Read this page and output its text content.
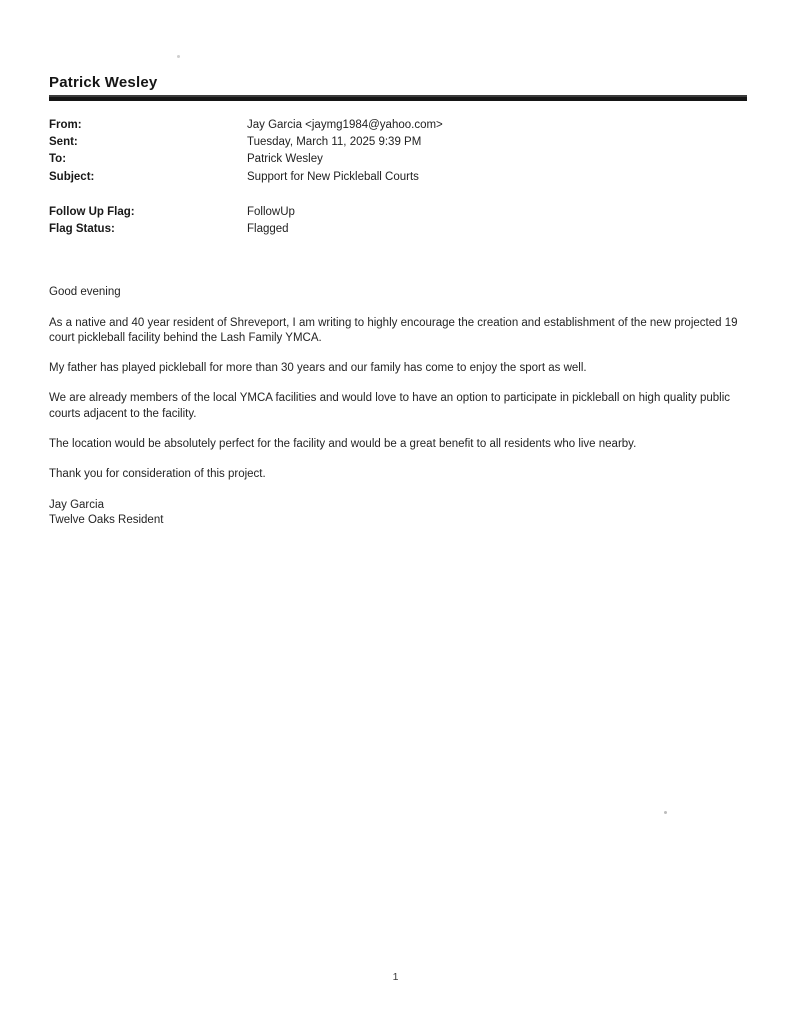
Patrick Wesley
From:	Jay Garcia <jaymg1984@yahoo.com>
Sent:	Tuesday, March 11, 2025 9:39 PM
To:	Patrick Wesley
Subject:	Support for New Pickleball Courts
Follow Up Flag:	FollowUp
Flag Status:	Flagged

Good evening

As a native and 40 year resident of Shreveport, I am writing to highly encourage the creation and establishment of the new projected 19 court pickleball facility behind the Lash Family YMCA.

My father has played pickleball for more than 30 years and our family has come to enjoy the sport as well.

We are already members of the local YMCA facilities and would love to have an option to participate in pickleball on high quality public courts adjacent to the facility.

The location would be absolutely perfect for the facility and would be a great benefit to all residents who live nearby.

Thank you for consideration of this project.

Jay Garcia

Twelve Oaks Resident

1
